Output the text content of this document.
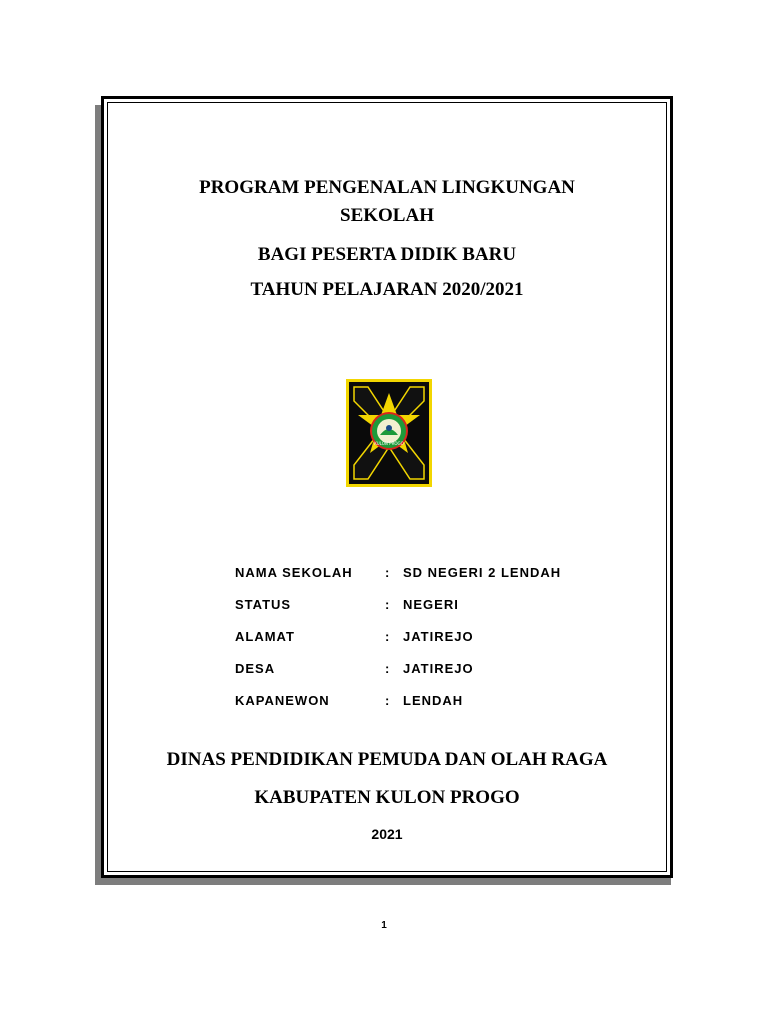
PROGRAM PENGENALAN LINGKUNGAN
SEKOLAH
BAGI PESERTA DIDIK BARU
TAHUN PELAJARAN 2020/2021
KULON PROGO
NAMA SEKOLAH	: SD NEGERI 2 LENDAH
STATUS	: NEGERI
ALAMAT	: JATIREJO
DESA	: JATIREJO
KAPANEWON	: LENDAH
DINAS PENDIDIKAN PEMUDA DAN OLAH RAGA
KABUPATEN KULON PROGO
2021
1
